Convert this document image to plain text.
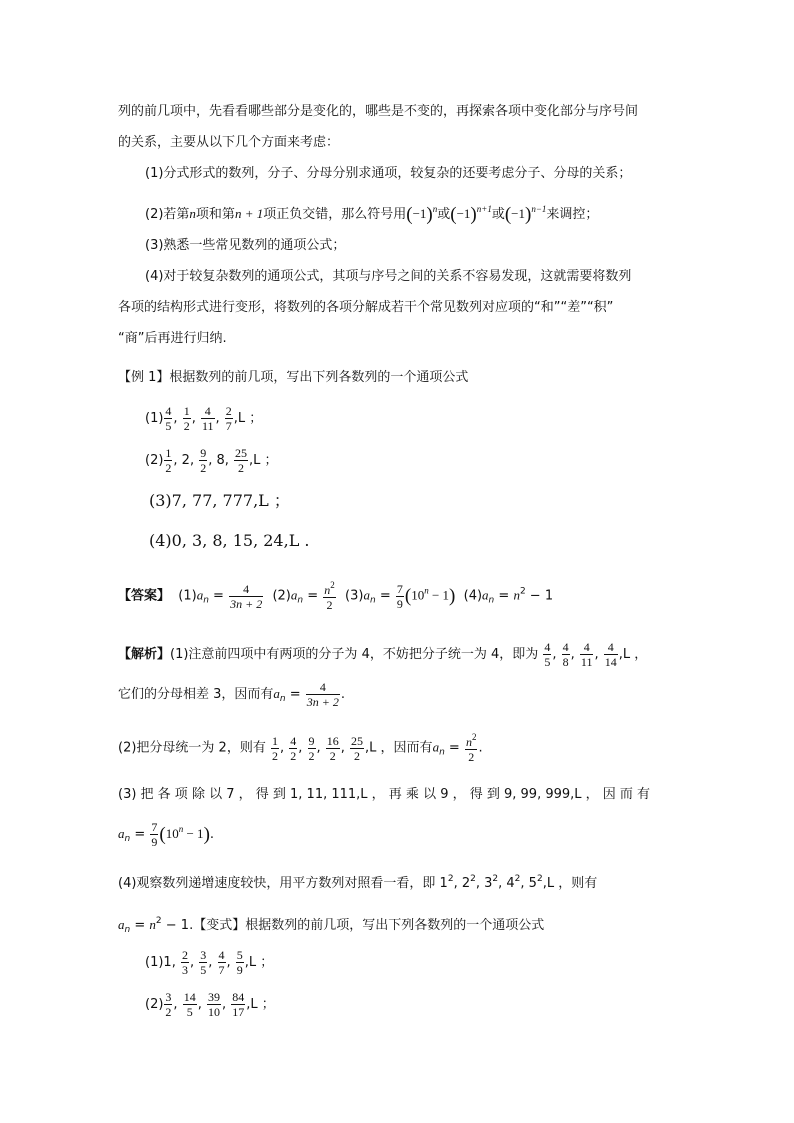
列的前几项中，先看看哪些部分是变化的，哪些是不变的，再探索各项中变化部分与序号间
的关系，主要从以下几个方面来考虑：
(1)分式形式的数列，分子、分母分别求通项，较复杂的还要考虑分子、分母的关系；
(2)若第n项和第n + 1项正负交错，那么符号用$(-1)^n$或$(-1)^{n+1}$或$(-1)^{n-1}$来调控；
(3)熟悉一些常见数列的通项公式；
(4)对于较复杂数列的通项公式，其项与序号之间的关系不容易发现，这就需要将数列
各项的结构形式进行变形，将数列的各项分解成若干个常见数列对应项的“和”“差”“积”
“商”后再进行归纳.
【例 1】根据数列的前几项，写出下列各数列的一个通项公式
$(1) \frac{4}{5}$ , $\frac{1}{2}$ , $\frac{4}{11}$ , $\frac{2}{7} ,L$ ；
$(2) \frac{1}{2}$ , 2, $\frac{9}{2}$ , 8, $\frac{25}{2} ,L$ ；
(3)7, 77, 777,L ；
(4)0, 3, 8, 15, 24,L .
【答案】 $(1)a_n = \frac{4}{3n + 2} (2)a_n = \frac{n^2}{2} (3)a_n = \frac{7}{9} (10^n - 1) (4)a_n = n^2 - 1$
【解析】(1)注意前四项中有两项的分子为 4，不妨把分子统一为 4，即为 $\frac{4}{5}$ , $\frac{4}{8}$ , $\frac{4}{11}$ , $\frac{4}{14} ,L$ ，
它们的分母相差 3，因而有$a_n = \frac{4}{3n + 2}$ .
(2)把分母统一为 2，则有 $\frac{1}{2}$ , $\frac{4}{2}$ , $\frac{9}{2}$ , $\frac{16}{2}$ , $\frac{25}{2} ,L$ ，因而有$a_n = \frac{n^2}{2}$ .
(3) 把 各 项 除 以 7 ， 得 到 1, 11, 111,L ， 再 乘 以 9 ， 得 到 9, 99, 999,L ， 因 而 有
$a_n = \frac{7}{9} (10^n - 1)$.
(4)观察数列递增速度较快，用平方数列对照看一看，即 $1^2$, $2^2$, $3^2$, $4^2$, $5^2,L$ ，则有
$a_n = n^2 - 1$.【变式】根据数列的前几项，写出下列各数列的一个通项公式
(1)1, $\frac{2}{3}$ , $\frac{3}{5}$ , $\frac{4}{7}$ , $\frac{5}{9} ,L$ ；
$(2) \frac{3}{2}$ , $\frac{14}{5}$ , $\frac{39}{10}$ , $\frac{84}{17} ,L$ ；
